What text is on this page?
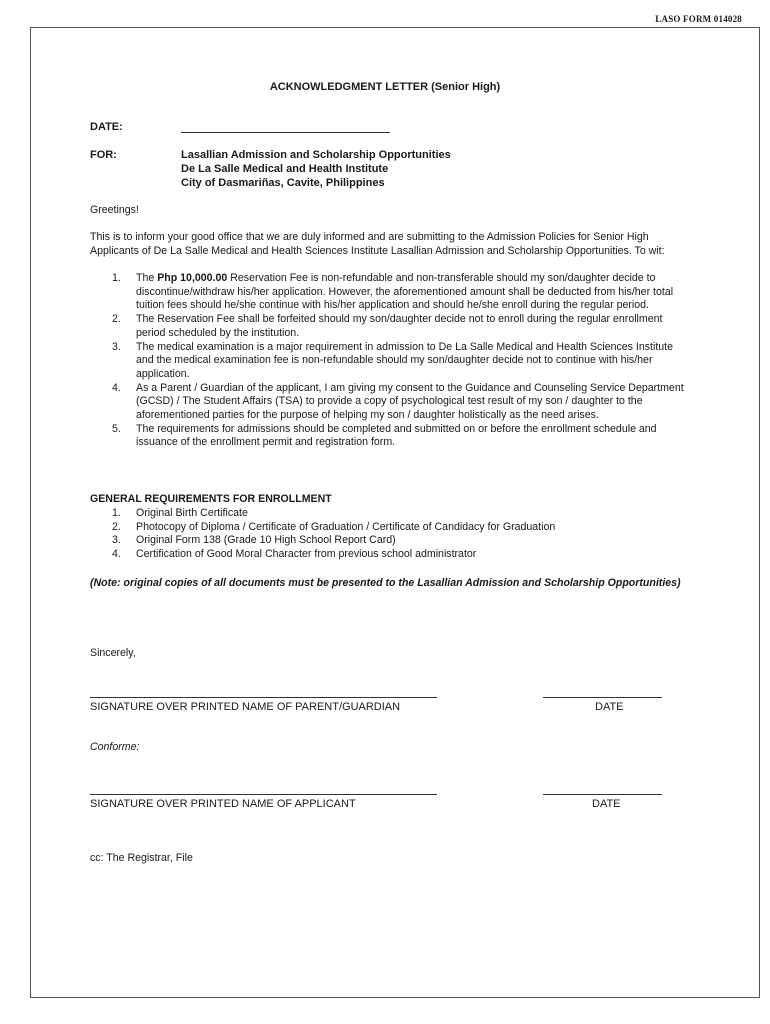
LASO FORM 014028
ACKNOWLEDGMENT LETTER (Senior High)
DATE:
FOR:	Lasallian Admission and Scholarship Opportunities
De La Salle Medical and Health Institute
City of Dasmariñas, Cavite, Philippines
Greetings!
This is to inform your good office that we are duly informed and are submitting to the Admission Policies for Senior High Applicants of De La Salle Medical and Health Sciences Institute Lasallian Admission and Scholarship Opportunities. To wit:
1. The Php 10,000.00 Reservation Fee is non-refundable and non-transferable should my son/daughter decide to discontinue/withdraw his/her application. However, the aforementioned amount shall be deducted from his/her total tuition fees should he/she continue with his/her application and should he/she enroll during the regular period.
2. The Reservation Fee shall be forfeited should my son/daughter decide not to enroll during the regular enrollment period scheduled by the institution.
3. The medical examination is a major requirement in admission to De La Salle Medical and Health Sciences Institute and the medical examination fee is non-refundable should my son/daughter decide not to continue with his/her application.
4. As a Parent / Guardian of the applicant, I am giving my consent to the Guidance and Counseling Service Department (GCSD) / The Student Affairs (TSA) to provide a copy of psychological test result of my son / daughter to the aforementioned parties for the purpose of helping my son / daughter holistically as the need arises.
5. The requirements for admissions should be completed and submitted on or before the enrollment schedule and issuance of the enrollment permit and registration form.
GENERAL REQUIREMENTS FOR ENROLLMENT
1. Original Birth Certificate
2. Photocopy of Diploma / Certificate of Graduation / Certificate of Candidacy for Graduation
3. Original Form 138 (Grade 10 High School Report Card)
4. Certification of Good Moral Character from previous school administrator
(Note: original copies of all documents must be presented to the Lasallian Admission and Scholarship Opportunities)
Sincerely,
SIGNATURE OVER PRINTED NAME OF PARENT/GUARDIAN	DATE
Conforme:
SIGNATURE OVER PRINTED NAME OF APPLICANT	DATE
cc: The Registrar, File
